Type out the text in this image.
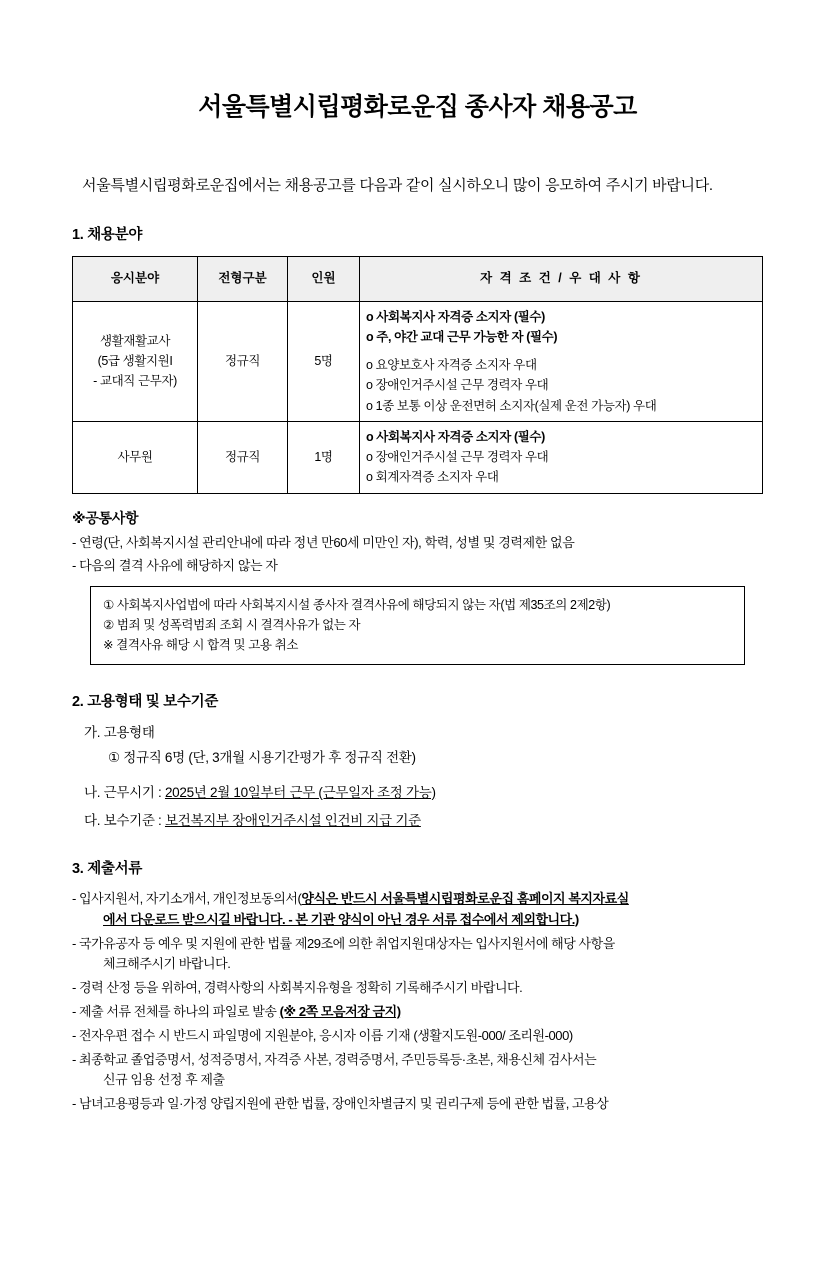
서울특별시립평화로운집 종사자 채용공고

서울특별시립평화로운집에서는 채용공고를 다음과 같이 실시하오니 많이 응모하여 주시기 바랍니다.

1. 채용분야
응시분야	전형구분	인원	자 격 조 건 / 우 대 사 항
생활재활교사
(5급 생활지원I
- 교대직 근무자)	정규직	5명	
o 사회복지사 자격증 소지자 (필수)
o 주, 야간 교대 근무 가능한 자 (필수)
o 요양보호사 자격증 소지자 우대
o 장애인거주시설 근무 경력자 우대
o 1종 보통 이상 운전면허 소지자(실제 운전 가능자) 우대

사무원	정규직	1명	o 사회복지사 자격증 소지자 (필수)
o 장애인거주시설 근무 경력자 우대
o 회계자격증 소지자 우대
※공통사항
- 연령(단, 사회복지시설 관리안내에 따라 정년 만60세 미만인 자), 학력, 성별 및 경력제한 없음
- 다음의 결격 사유에 해당하지 않는 자

① 사회복지사업법에 따라 사회복지시설 종사자 결격사유에 해당되지 않는 자(법 제35조의 2제2항)

② 범죄 및 성폭력범죄 조회 시 결격사유가 없는 자

※ 결격사유 해당 시 합격 및 고용 취소

2. 고용형태 및 보수기준
가. 고용형태
① 정규직 6명 (단, 3개월 시용기간평가 후 정규직 전환)
나. 근무시기 : 2025년 2월 10일부터 근무 (근무일자 조정 가능)
다. 보수기준 : 보건복지부 장애인거주시설 인건비 지급 기준
3. 제출서류
- 입사지원서, 자기소개서, 개인정보동의서(양식은 반드시 서울특별시립평화로운집 홈페이지 복지자료실
에서 다운로드 받으시길 바랍니다. - 본 기관 양식이 아닌 경우 서류 접수에서 제외합니다.)
- 국가유공자 등 예우 및 지원에 관한 법률 제29조에 의한 취업지원대상자는 입사지원서에 해당 사항을
체크해주시기 바랍니다.
- 경력 산정 등을 위하여, 경력사항의 사회복지유형을 정확히 기록해주시기 바랍니다.
- 제출 서류 전체를 하나의 파일로 발송 (※ 2쪽 모음저장 금지)
- 전자우편 접수 시 반드시 파일명에 지원분야, 응시자 이름 기재 (생활지도원-000/ 조리원-000)
- 최종학교 졸업증명서, 성적증명서, 자격증 사본, 경력증명서, 주민등록등·초본, 채용신체 검사서는
신규 임용 선정 후 제출
- 남녀고용평등과 일·가정 양립지원에 관한 법률, 장애인차별금지 및 권리구제 등에 관한 법률, 고용상
